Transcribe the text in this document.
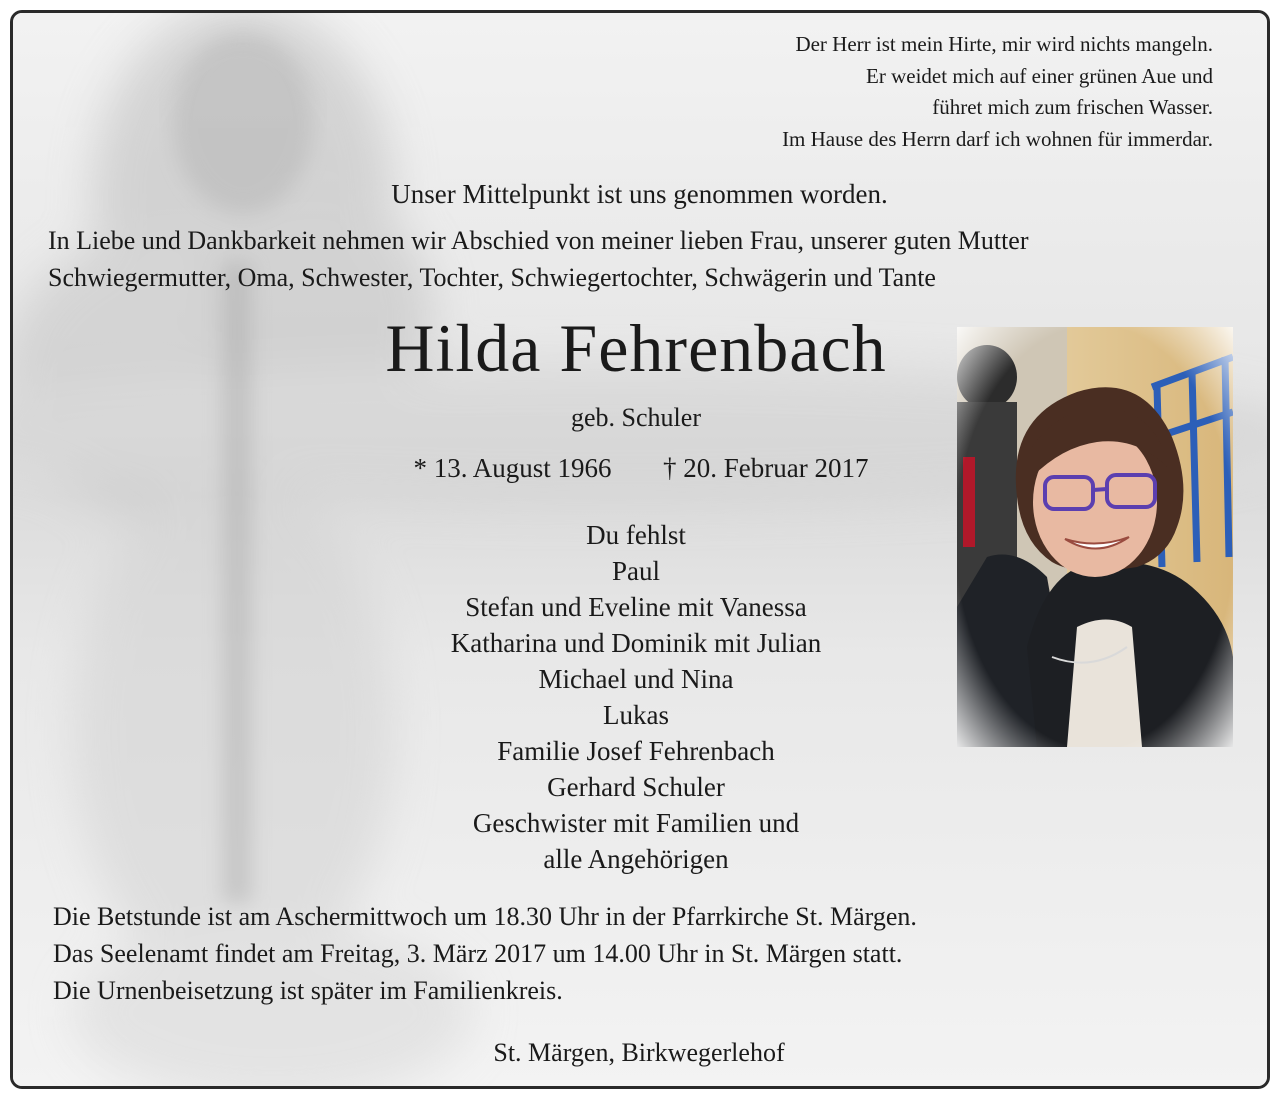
Der Herr ist mein Hirte, mir wird nichts mangeln.
Er weidet mich auf einer grünen Aue und
führet mich zum frischen Wasser.
Im Hause des Herrn darf ich wohnen für immerdar.
Unser Mittelpunkt ist uns genommen worden.
In Liebe und Dankbarkeit nehmen wir Abschied von meiner lieben Frau, unserer guten Mutter
Schwiegermutter, Oma, Schwester, Tochter, Schwiegertochter, Schwägerin und Tante
Hilda Fehrenbach
geb. Schuler
* 13. August 1966 † 20. Februar 2017
Du fehlst
Paul
Stefan und Eveline mit Vanessa
Katharina und Dominik mit Julian
Michael und Nina
Lukas
Familie Josef Fehrenbach
Gerhard Schuler
Geschwister mit Familien und
alle Angehörigen
Die Betstunde ist am Aschermittwoch um 18.30 Uhr in der Pfarrkirche St. Märgen.
Das Seelenamt findet am Freitag, 3. März 2017 um 14.00 Uhr in St. Märgen statt.
Die Urnenbeisetzung ist später im Familienkreis.
St. Märgen, Birkwegerlehof
